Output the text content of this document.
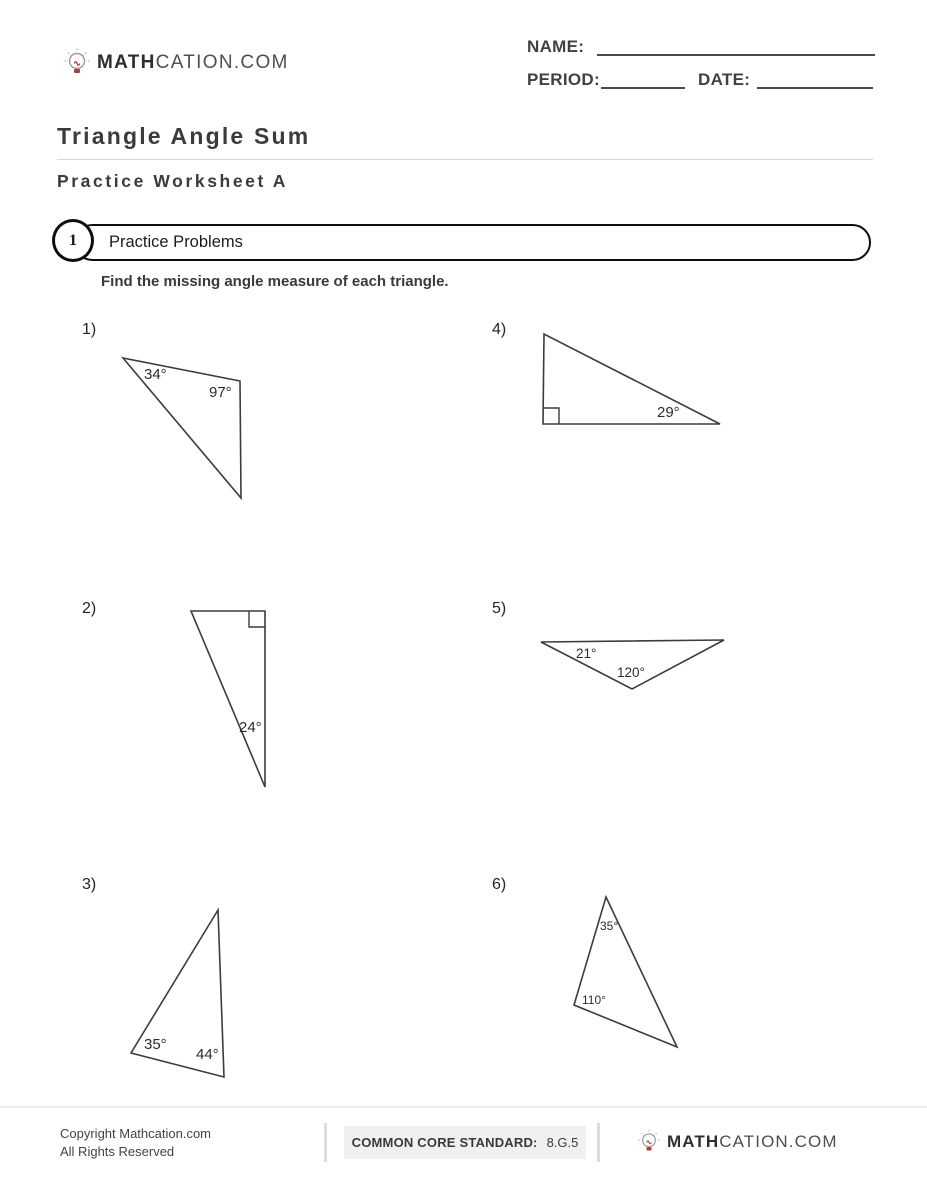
MATHCATION.COM
NAME:
PERIOD:	DATE:
Triangle Angle Sum
Practice Worksheet A
Practice Problems
1
Find the missing angle measure of each triangle.
1)
34°
97°
4)
29°
2)
24°
5)
21°
120°
3)
35°
44°
6)
35°
110°
Copyright Mathcation.com
All Rights Reserved
COMMON CORE STANDARD: 8.G.5	MATHCATION.COM
